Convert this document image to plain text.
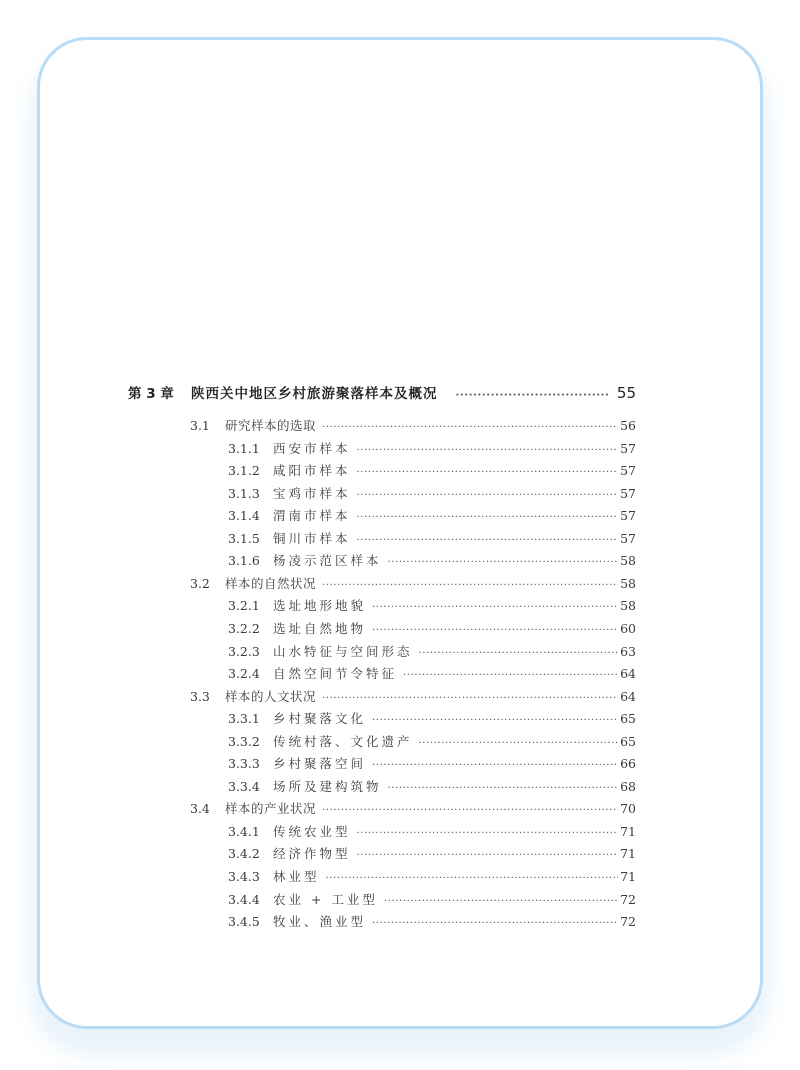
第 3 章	陕西关中地区乡村旅游聚落样本及概况 ·····	55
3.1	研究样本的选取 ·····	56
3.1.1	西安市样本 ·····	57
3.1.2	咸阳市样本 ·····	57
3.1.3	宝鸡市样本 ·····	57
3.1.4	渭南市样本 ·····	57
3.1.5	铜川市样本 ·····	57
3.1.6	杨凌示范区样本 ·····	58
3.2	样本的自然状况 ·····	58
3.2.1	选址地形地貌 ·····	58
3.2.2	选址自然地物 ·····	60
3.2.3	山水特征与空间形态 ·····	63
3.2.4	自然空间节令特征 ·····	64
3.3	样本的人文状况 ·····	64
3.3.1	乡村聚落文化 ·····	65
3.3.2	传统村落、文化遗产 ·····	65
3.3.3	乡村聚落空间 ·····	66
3.3.4	场所及建构筑物 ·····	68
3.4	样本的产业状况 ·····	70
3.4.1	传统农业型 ·····	71
3.4.2	经济作物型 ·····	71
3.4.3	林业型 ·····	71
3.4.4	农业 + 工业型 ·····	72
3.4.5	牧业、渔业型 ·····	72
